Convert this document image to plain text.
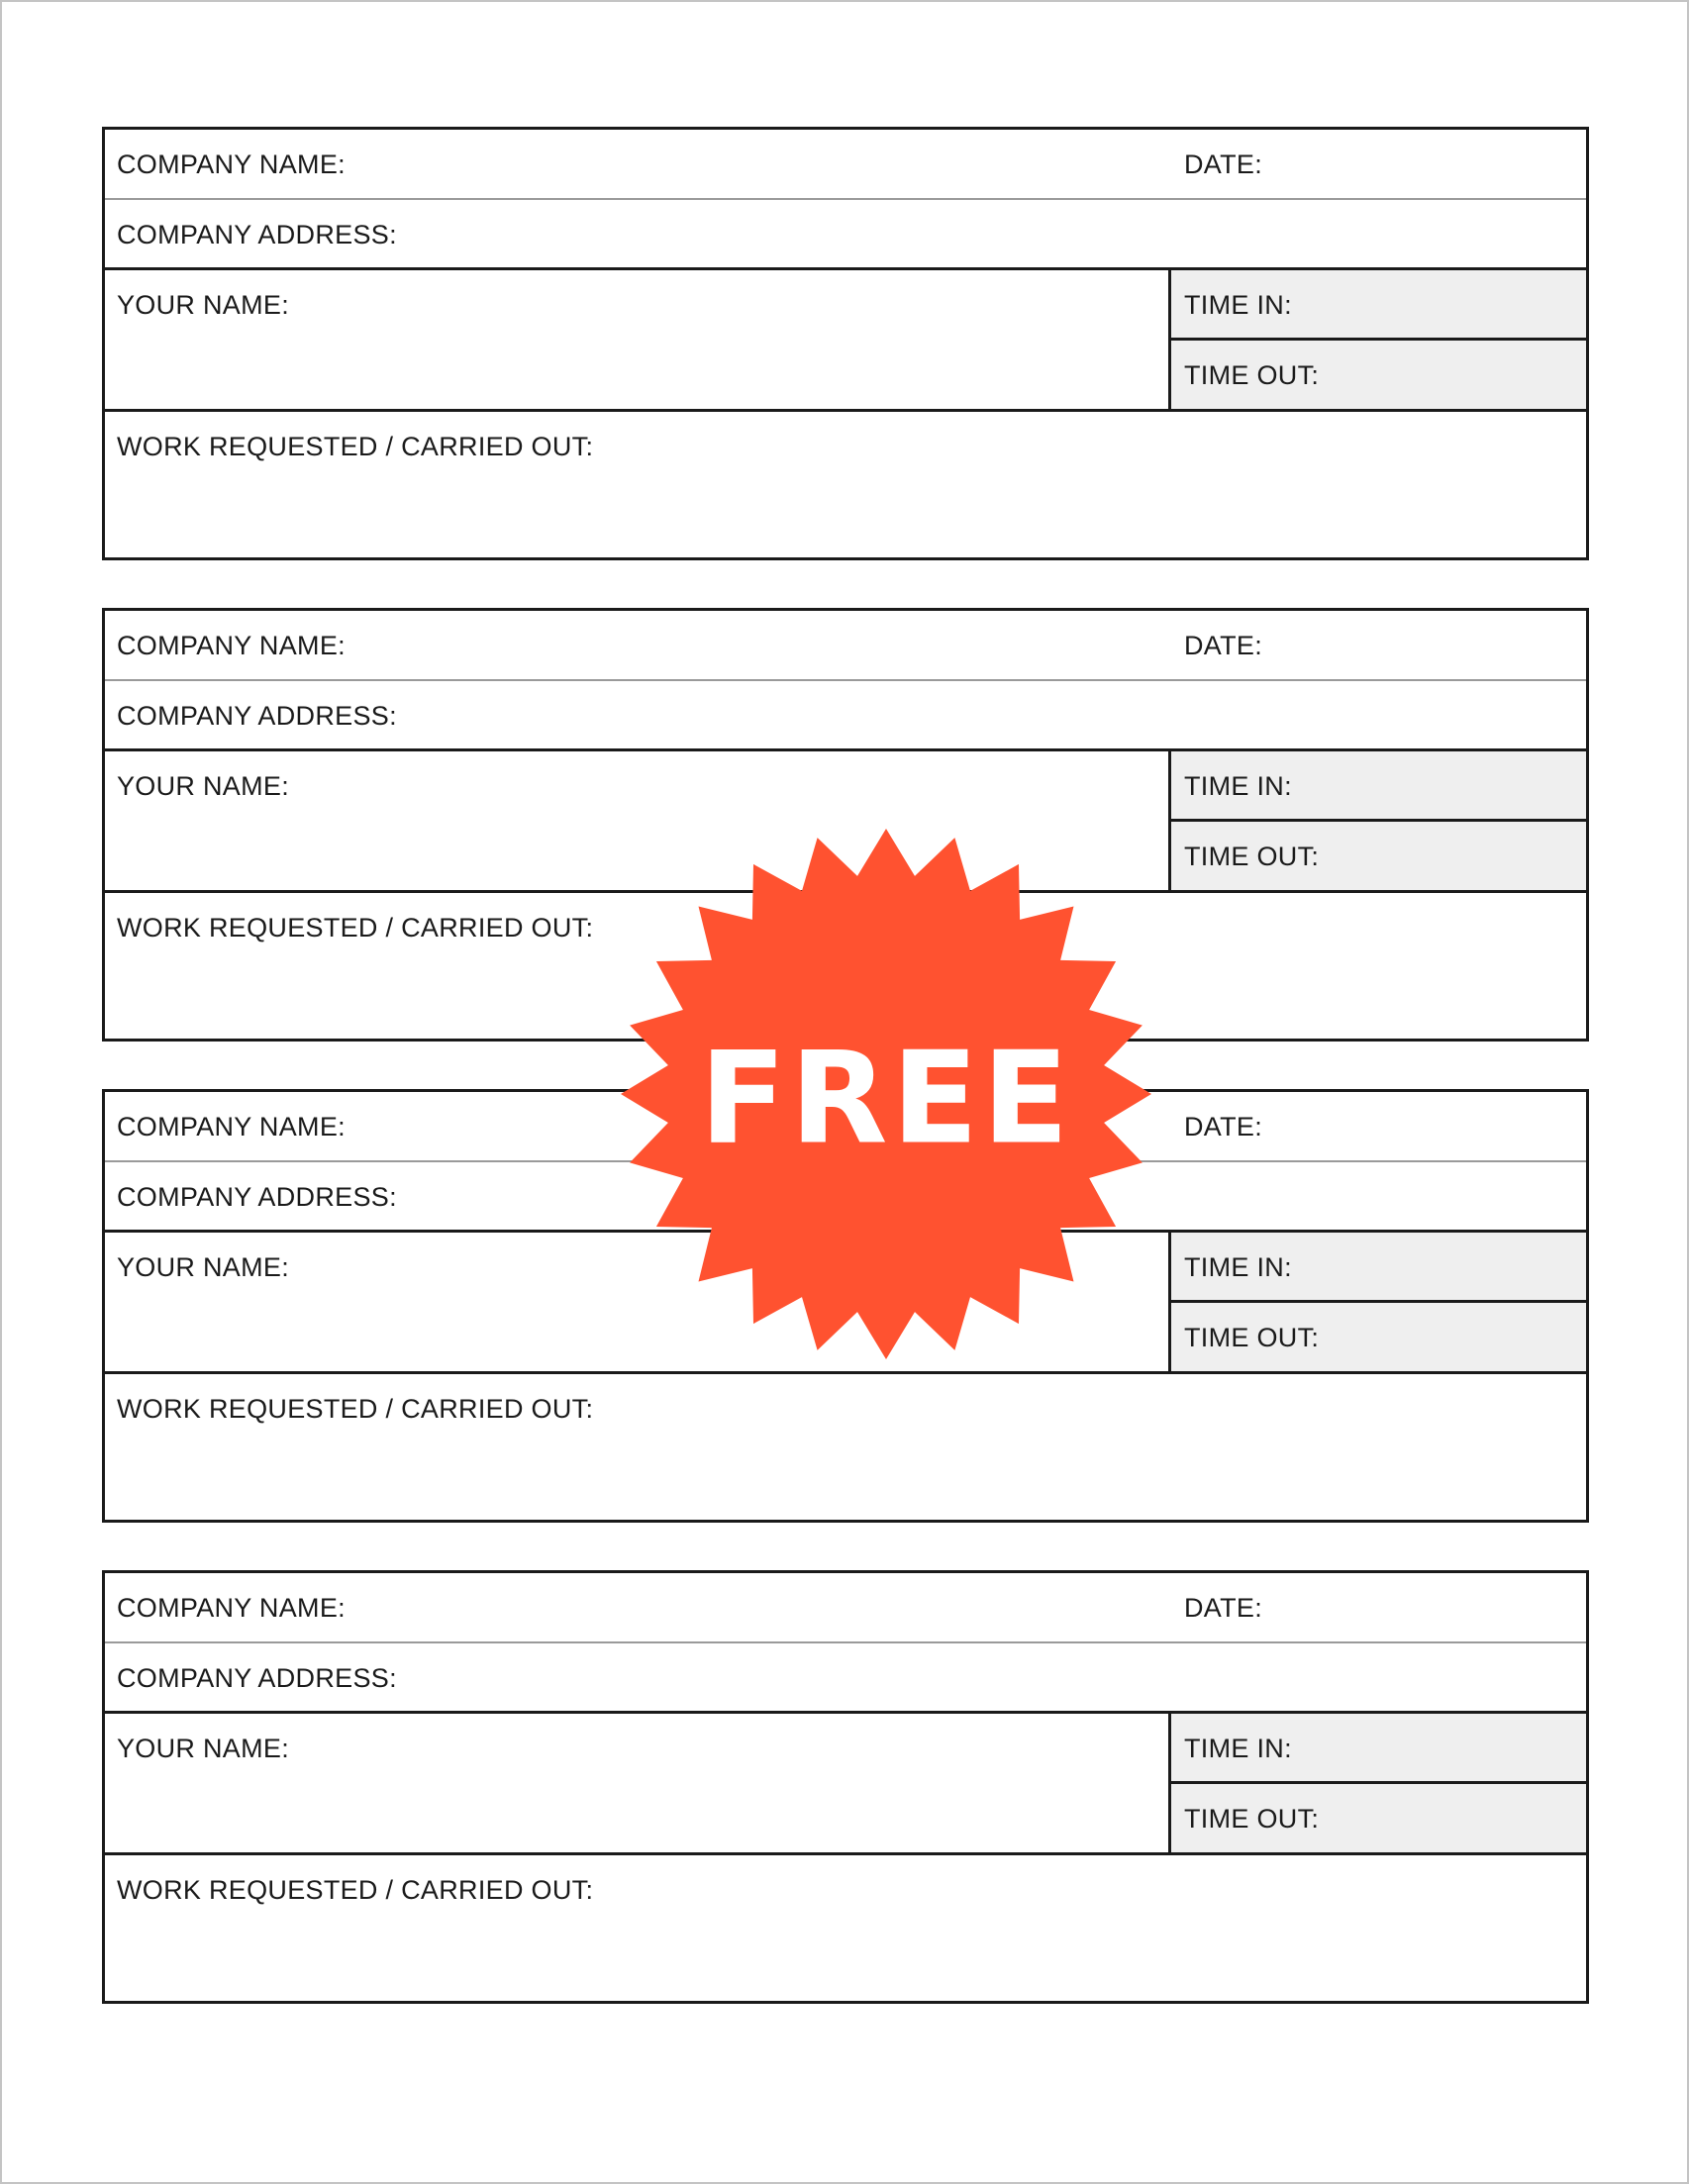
COMPANY NAME:	DATE:
COMPANY ADDRESS:
YOUR NAME:	TIME IN:
TIME OUT:
WORK REQUESTED / CARRIED OUT:
COMPANY NAME:	DATE:
COMPANY ADDRESS:
YOUR NAME:	TIME IN:
TIME OUT:
WORK REQUESTED / CARRIED OUT:
COMPANY NAME:	DATE:
COMPANY ADDRESS:
YOUR NAME:	TIME IN:
TIME OUT:
WORK REQUESTED / CARRIED OUT:
COMPANY NAME:	DATE:
COMPANY ADDRESS:
YOUR NAME:	TIME IN:
TIME OUT:
WORK REQUESTED / CARRIED OUT:
FREE
